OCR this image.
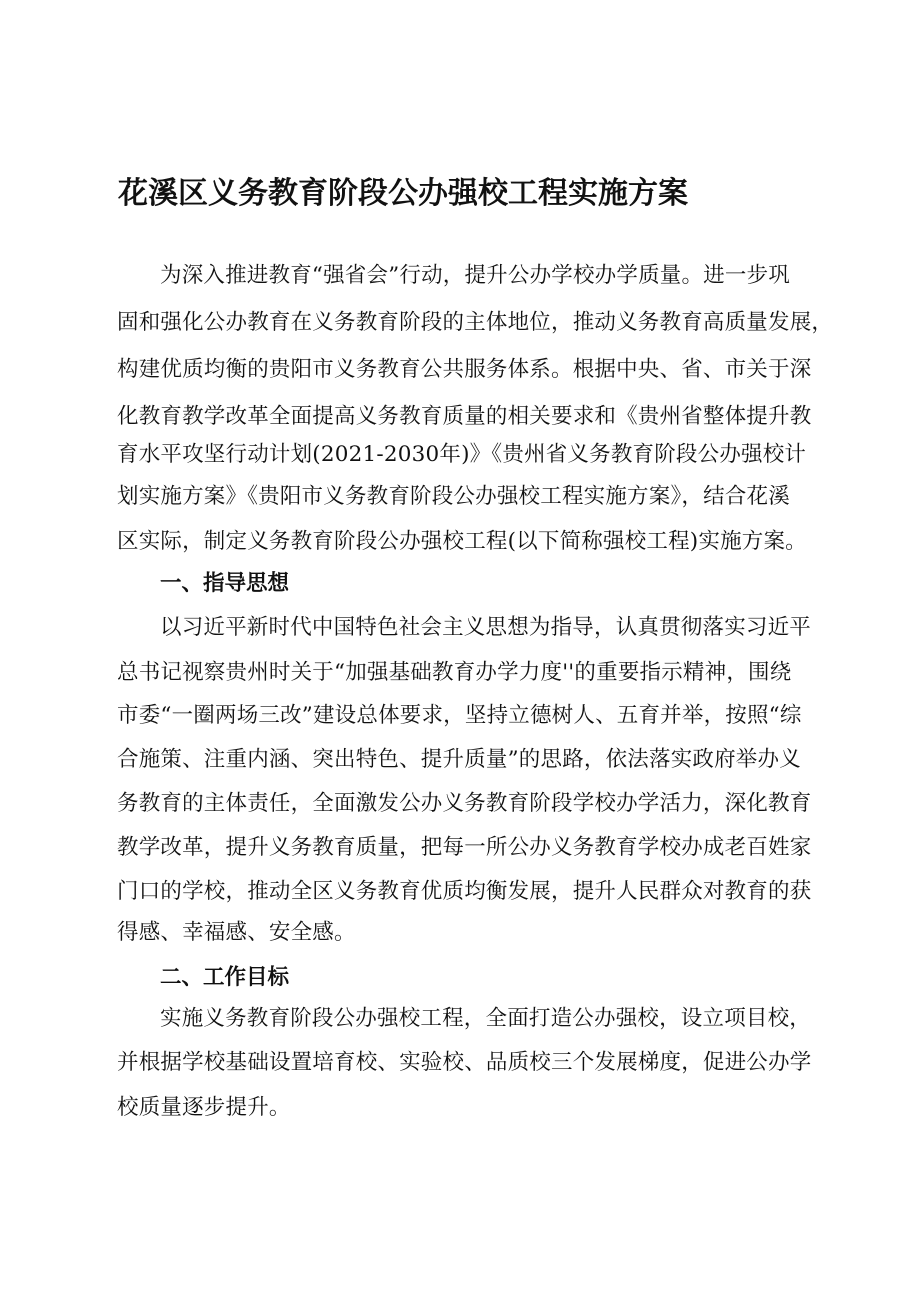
花溪区义务教育阶段公办强校工程实施方案
为深入推进教育“强省会”行动，提升公办学校办学质量。进一步巩
固和强化公办教育在义务教育阶段的主体地位，推动义务教育高质量发展，
构建优质均衡的贵阳市义务教育公共服务体系。根据中央、省、市关于深
化教育教学改革全面提高义务教育质量的相关要求和《贵州省整体提升教
育水平攻坚行动计划(2021-2030年)》《贵州省义务教育阶段公办强校计
划实施方案》《贵阳市义务教育阶段公办强校工程实施方案》，结合花溪
区实际，制定义务教育阶段公办强校工程(以下简称强校工程)实施方案。
一、指导思想
以习近平新时代中国特色社会主义思想为指导，认真贯彻落实习近平
总书记视察贵州时关于“加强基础教育办学力度''的重要指示精神，围绕
市委“一圈两场三改”建设总体要求，坚持立德树人、五育并举，按照“综
合施策、注重内涵、突出特色、提升质量”的思路，依法落实政府举办义
务教育的主体责任，全面激发公办义务教育阶段学校办学活力，深化教育
教学改革，提升义务教育质量，把每一所公办义务教育学校办成老百姓家
门口的学校，推动全区义务教育优质均衡发展，提升人民群众对教育的获
得感、幸福感、安全感。
二、工作目标
实施义务教育阶段公办强校工程，全面打造公办强校，设立项目校，
并根据学校基础设置培育校、实验校、品质校三个发展梯度，促进公办学
校质量逐步提升。
